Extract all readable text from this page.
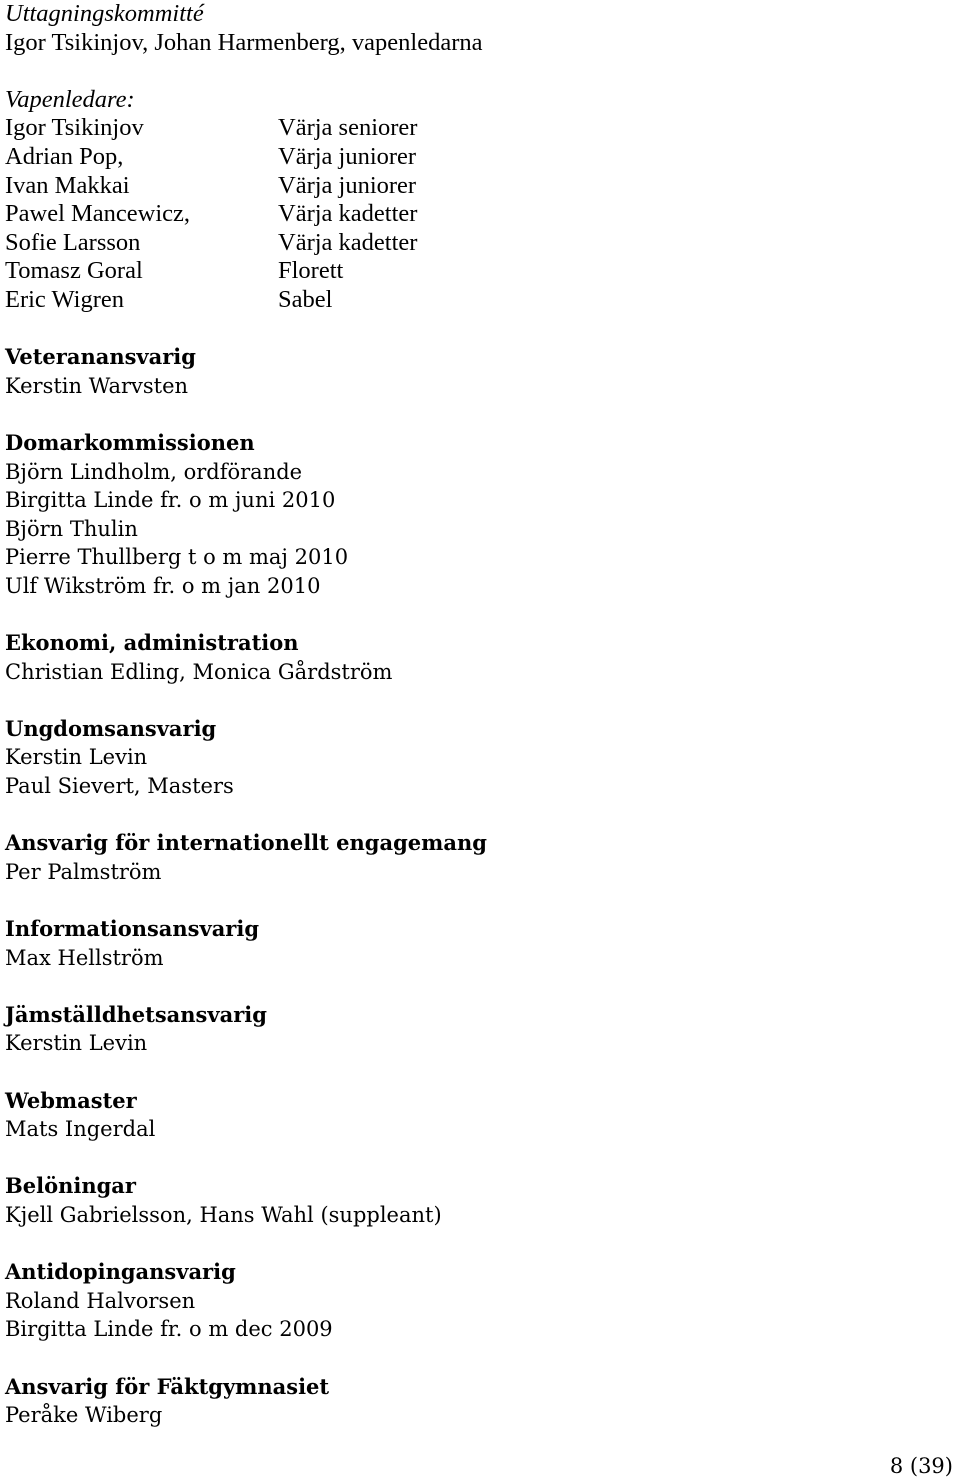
Uttagningskommitté
Igor Tsikinjov, Johan Harmenberg, vapenledarna
Vapenledare:
Igor Tsikinjov	Värja seniorer
Adrian Pop,	Värja juniorer
Ivan Makkai	Värja juniorer
Pawel Mancewicz,	Värja kadetter
Sofie Larsson	Värja kadetter
Tomasz Goral	Florett
Eric Wigren	Sabel
Veteranansvarig
Kerstin Warvsten
Domarkommissionen
Björn Lindholm, ordförande
Birgitta Linde fr. o m juni 2010
Björn Thulin
Pierre Thullberg t o m maj 2010
Ulf Wikström fr. o m jan 2010
Ekonomi, administration
Christian Edling, Monica Gårdström
Ungdomsansvarig
Kerstin Levin
Paul Sievert, Masters
Ansvarig för internationellt engagemang
Per Palmström
Informationsansvarig
Max Hellström
Jämställdhetsansvarig
Kerstin Levin
Webmaster
Mats Ingerdal
Belöningar
Kjell Gabrielsson, Hans Wahl (suppleant)
Antidopingansvarig
Roland Halvorsen
Birgitta Linde fr. o m dec 2009
Ansvarig för Fäktgymnasiet
Peråke Wiberg
8 (39)
